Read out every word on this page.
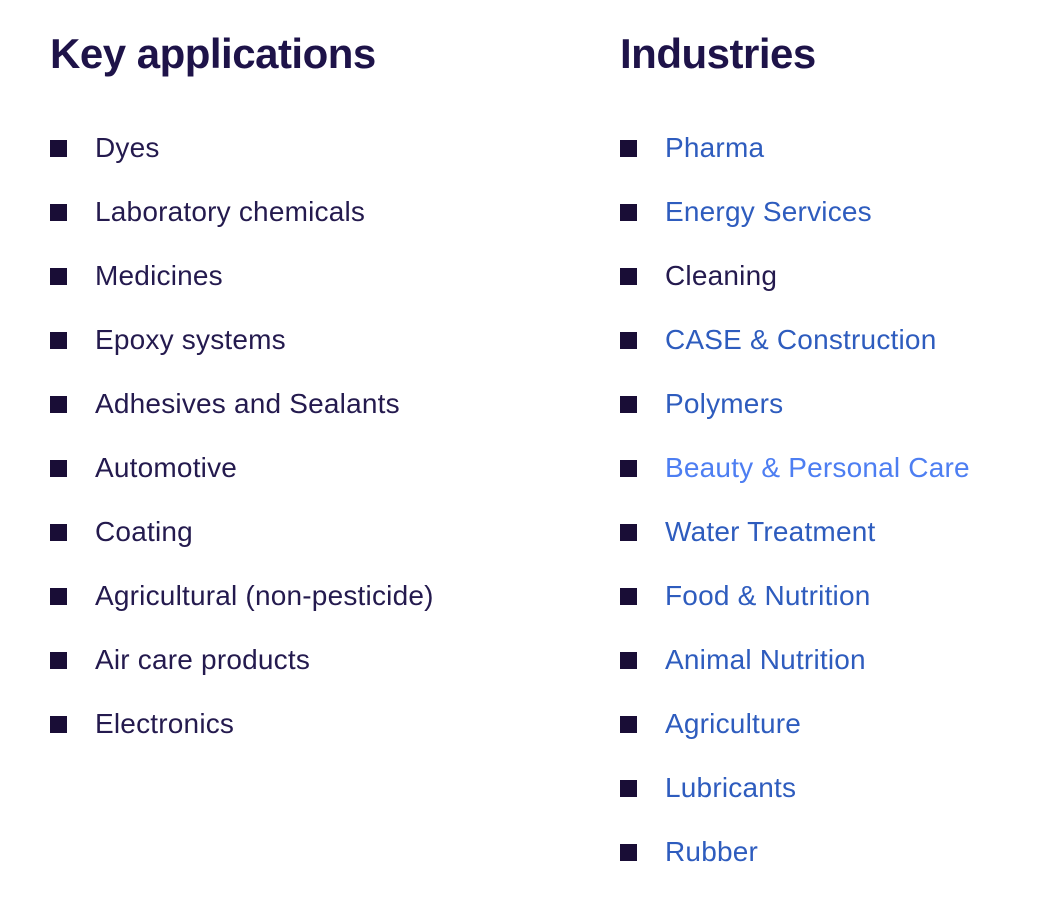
Key applications
Dyes
Laboratory chemicals
Medicines
Epoxy systems
Adhesives and Sealants
Automotive
Coating
Agricultural (non-pesticide)
Air care products
Electronics
Industries
Pharma
Energy Services
Cleaning
CASE & Construction
Polymers
Beauty & Personal Care
Water Treatment
Food & Nutrition
Animal Nutrition
Agriculture
Lubricants
Rubber
